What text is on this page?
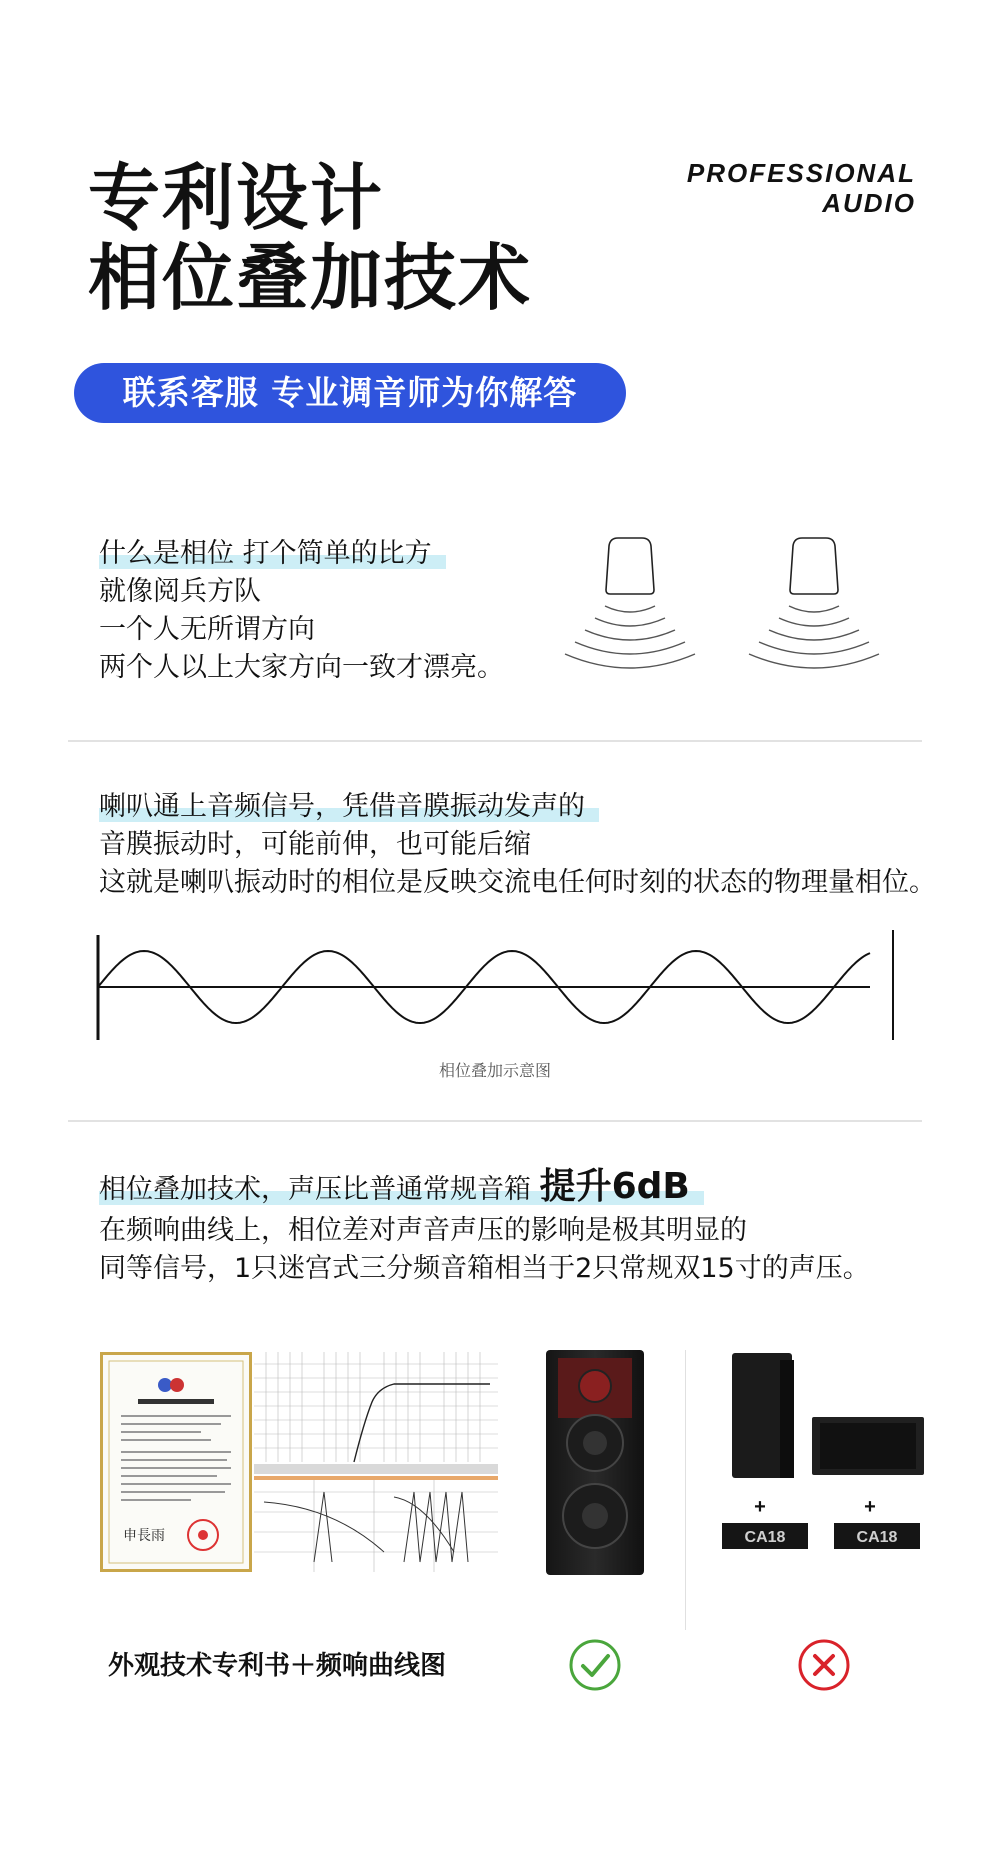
专利设计
相位叠加技术
PROFESSIONAL
AUDIO
联系客服 专业调音师为你解答
什么是相位 打个简单的比方
就像阅兵方队
一个人无所谓方向
两个人以上大家方向一致才漂亮。
喇叭通上音频信号，凭借音膜振动发声的
音膜振动时，可能前伸，也可能后缩
这就是喇叭振动时的相位是反映交流电任何时刻的状态的物理量相位。
相位叠加示意图
相位叠加技术，声压比普通常规音箱 提升6dB
在频响曲线上，相位差对声音声压的影响是极其明显的
同等信号，1只迷宫式三分频音箱相当于2只常规双15寸的声压。
申長雨
+	+
CA18	CA18
外观技术专利书＋频响曲线图
